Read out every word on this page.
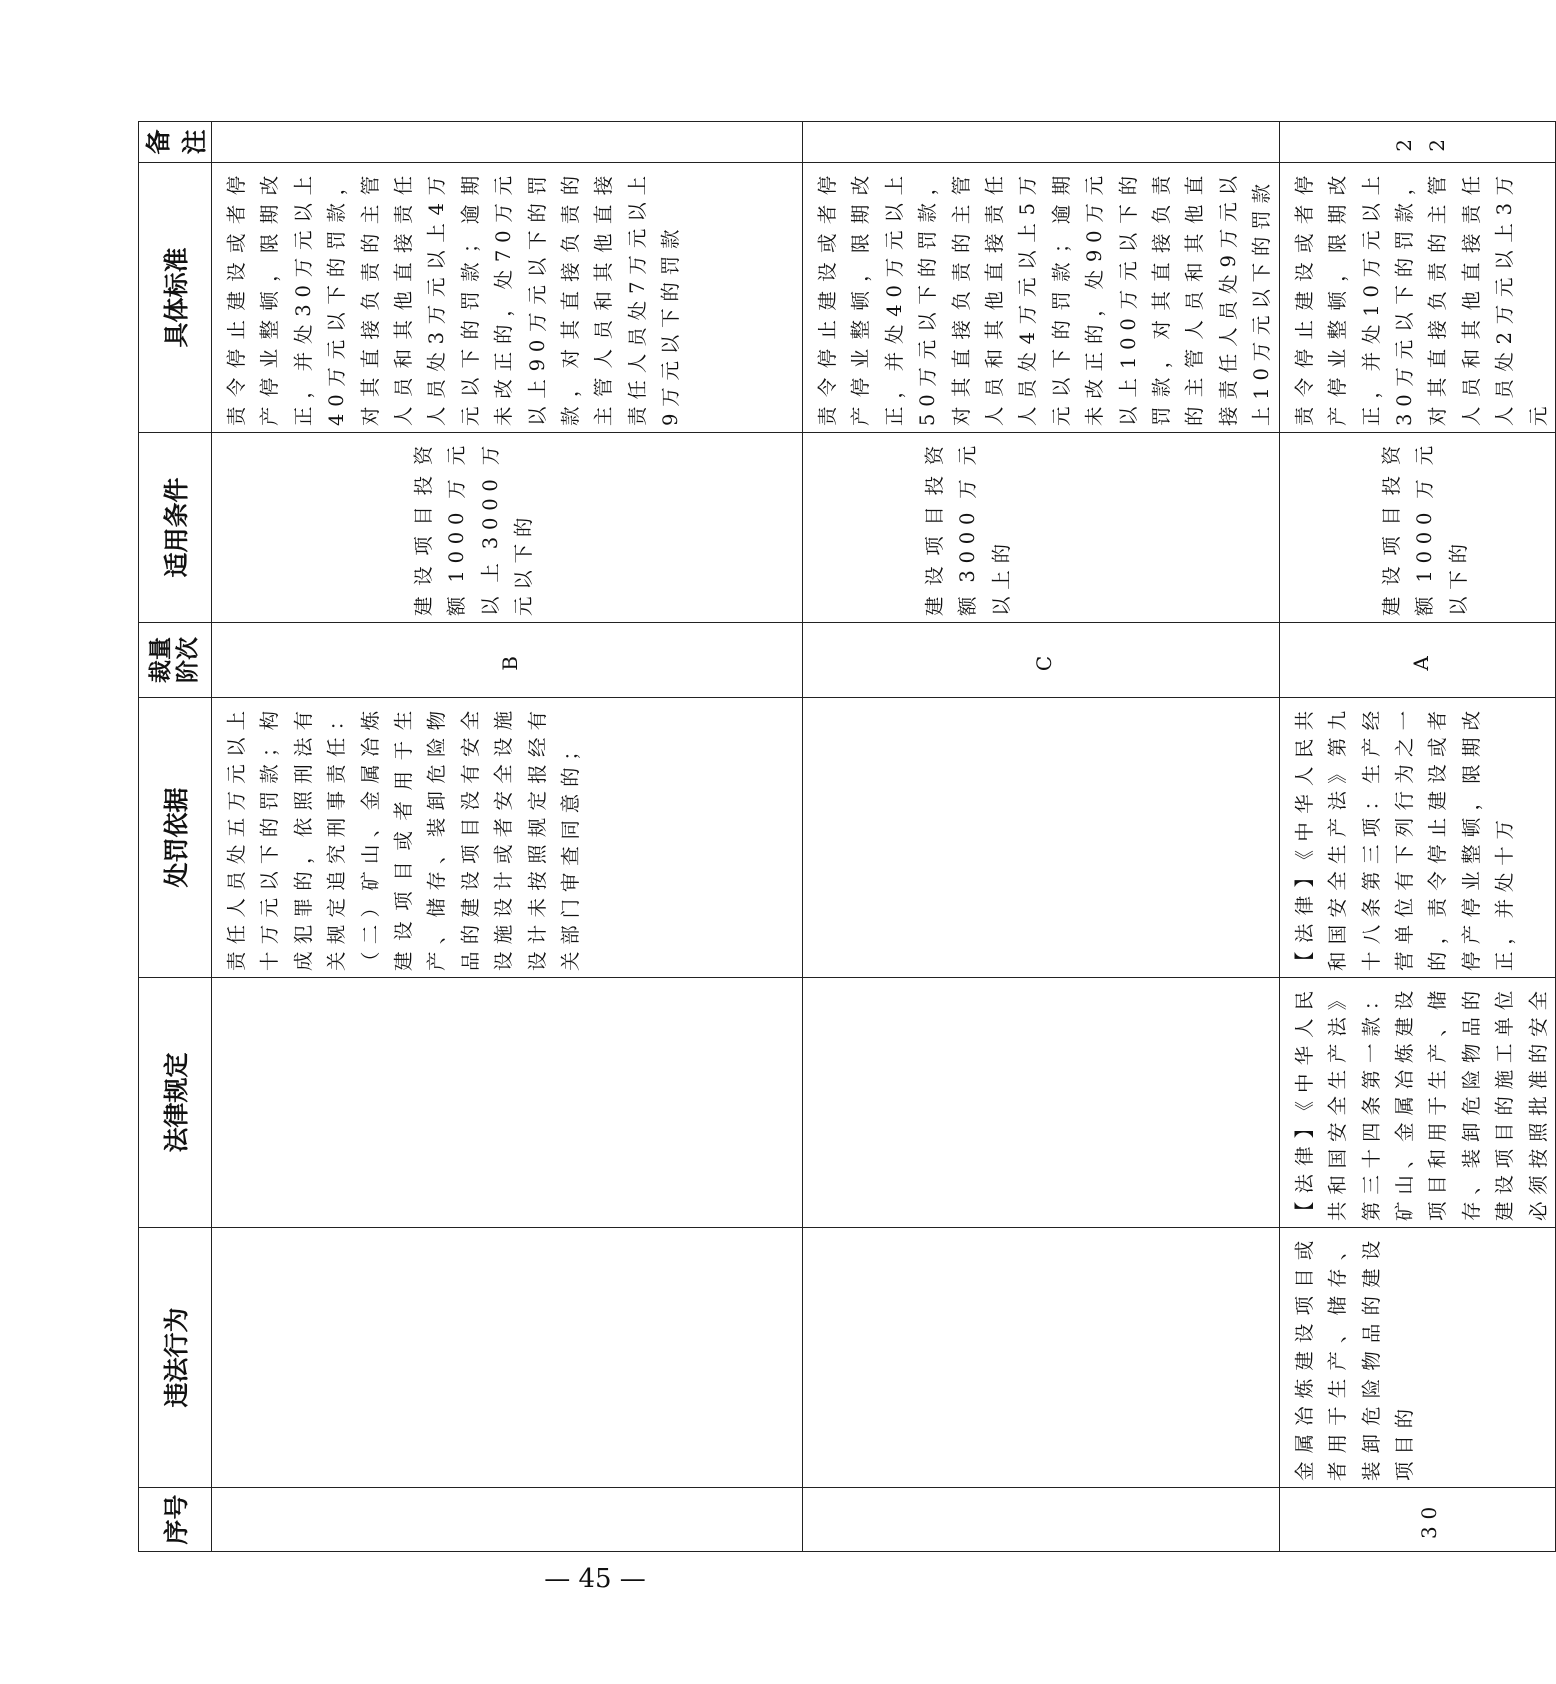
序号	违法行为	法律规定	处罚依据	裁量 阶次	适用条件	具体标准	备注
			责任人员处五万元以上十万元以下的罚款；构成犯罪的，依照刑法有关规定追究刑事责任：（二）矿山、金属冶炼建设项目或者用于生产、储存、装卸危险物品的建设项目没有安全设施设计或者安全设施设计未按照规定报经有关部门审查同意的；	B	建设项目投资额1000万元以上3000万元以下的	责令停止建设或者停产停业整顿，限期改正，并处30万元以上40万元以下的罚款，对其直接负责的主管人员和其他直接责任人员处3万元以上4万元以下的罚款；逾期未改正的，处70万元以上90万元以下的罚款，对其直接负责的主管人员和其他直接责任人员处7万元以上9万元以下的罚款	
				C	建设项目投资额3000万元以上的	责令停止建设或者停产停业整顿，限期改正，并处40万元以上50万元以下的罚款，对其直接负责的主管人员和其他直接责任人员处4万元以上5万元以下的罚款；逾期未改正的，处90万元以上100万元以下的罚款，对其直接负责的主管人员和其他直接责任人员处9万元以上10万元以下的罚款	
30	金属冶炼建设项目或者用于生产、储存、装卸危险物品的建设项目的	【法律】《中华人民共和国安全生产法》第三十四条第一款：矿山、金属冶炼建设项目和用于生产、储存、装卸危险物品的建设项目的施工单位必须按照批准的安全	【法律】《中华人民共和国安全生产法》第九十八条第三项：生产经营单位有下列行为之一的，责令停止建设或者停产停业整顿，限期改正，并处十万	A	建设项目投资额1000万元以下的	责令停止建设或者停产停业整顿，限期改正，并处10万元以上30万元以下的罚款，对其直接负责的主管人员和其他直接责任人员处2万元以上3万元	22
— 45 —
